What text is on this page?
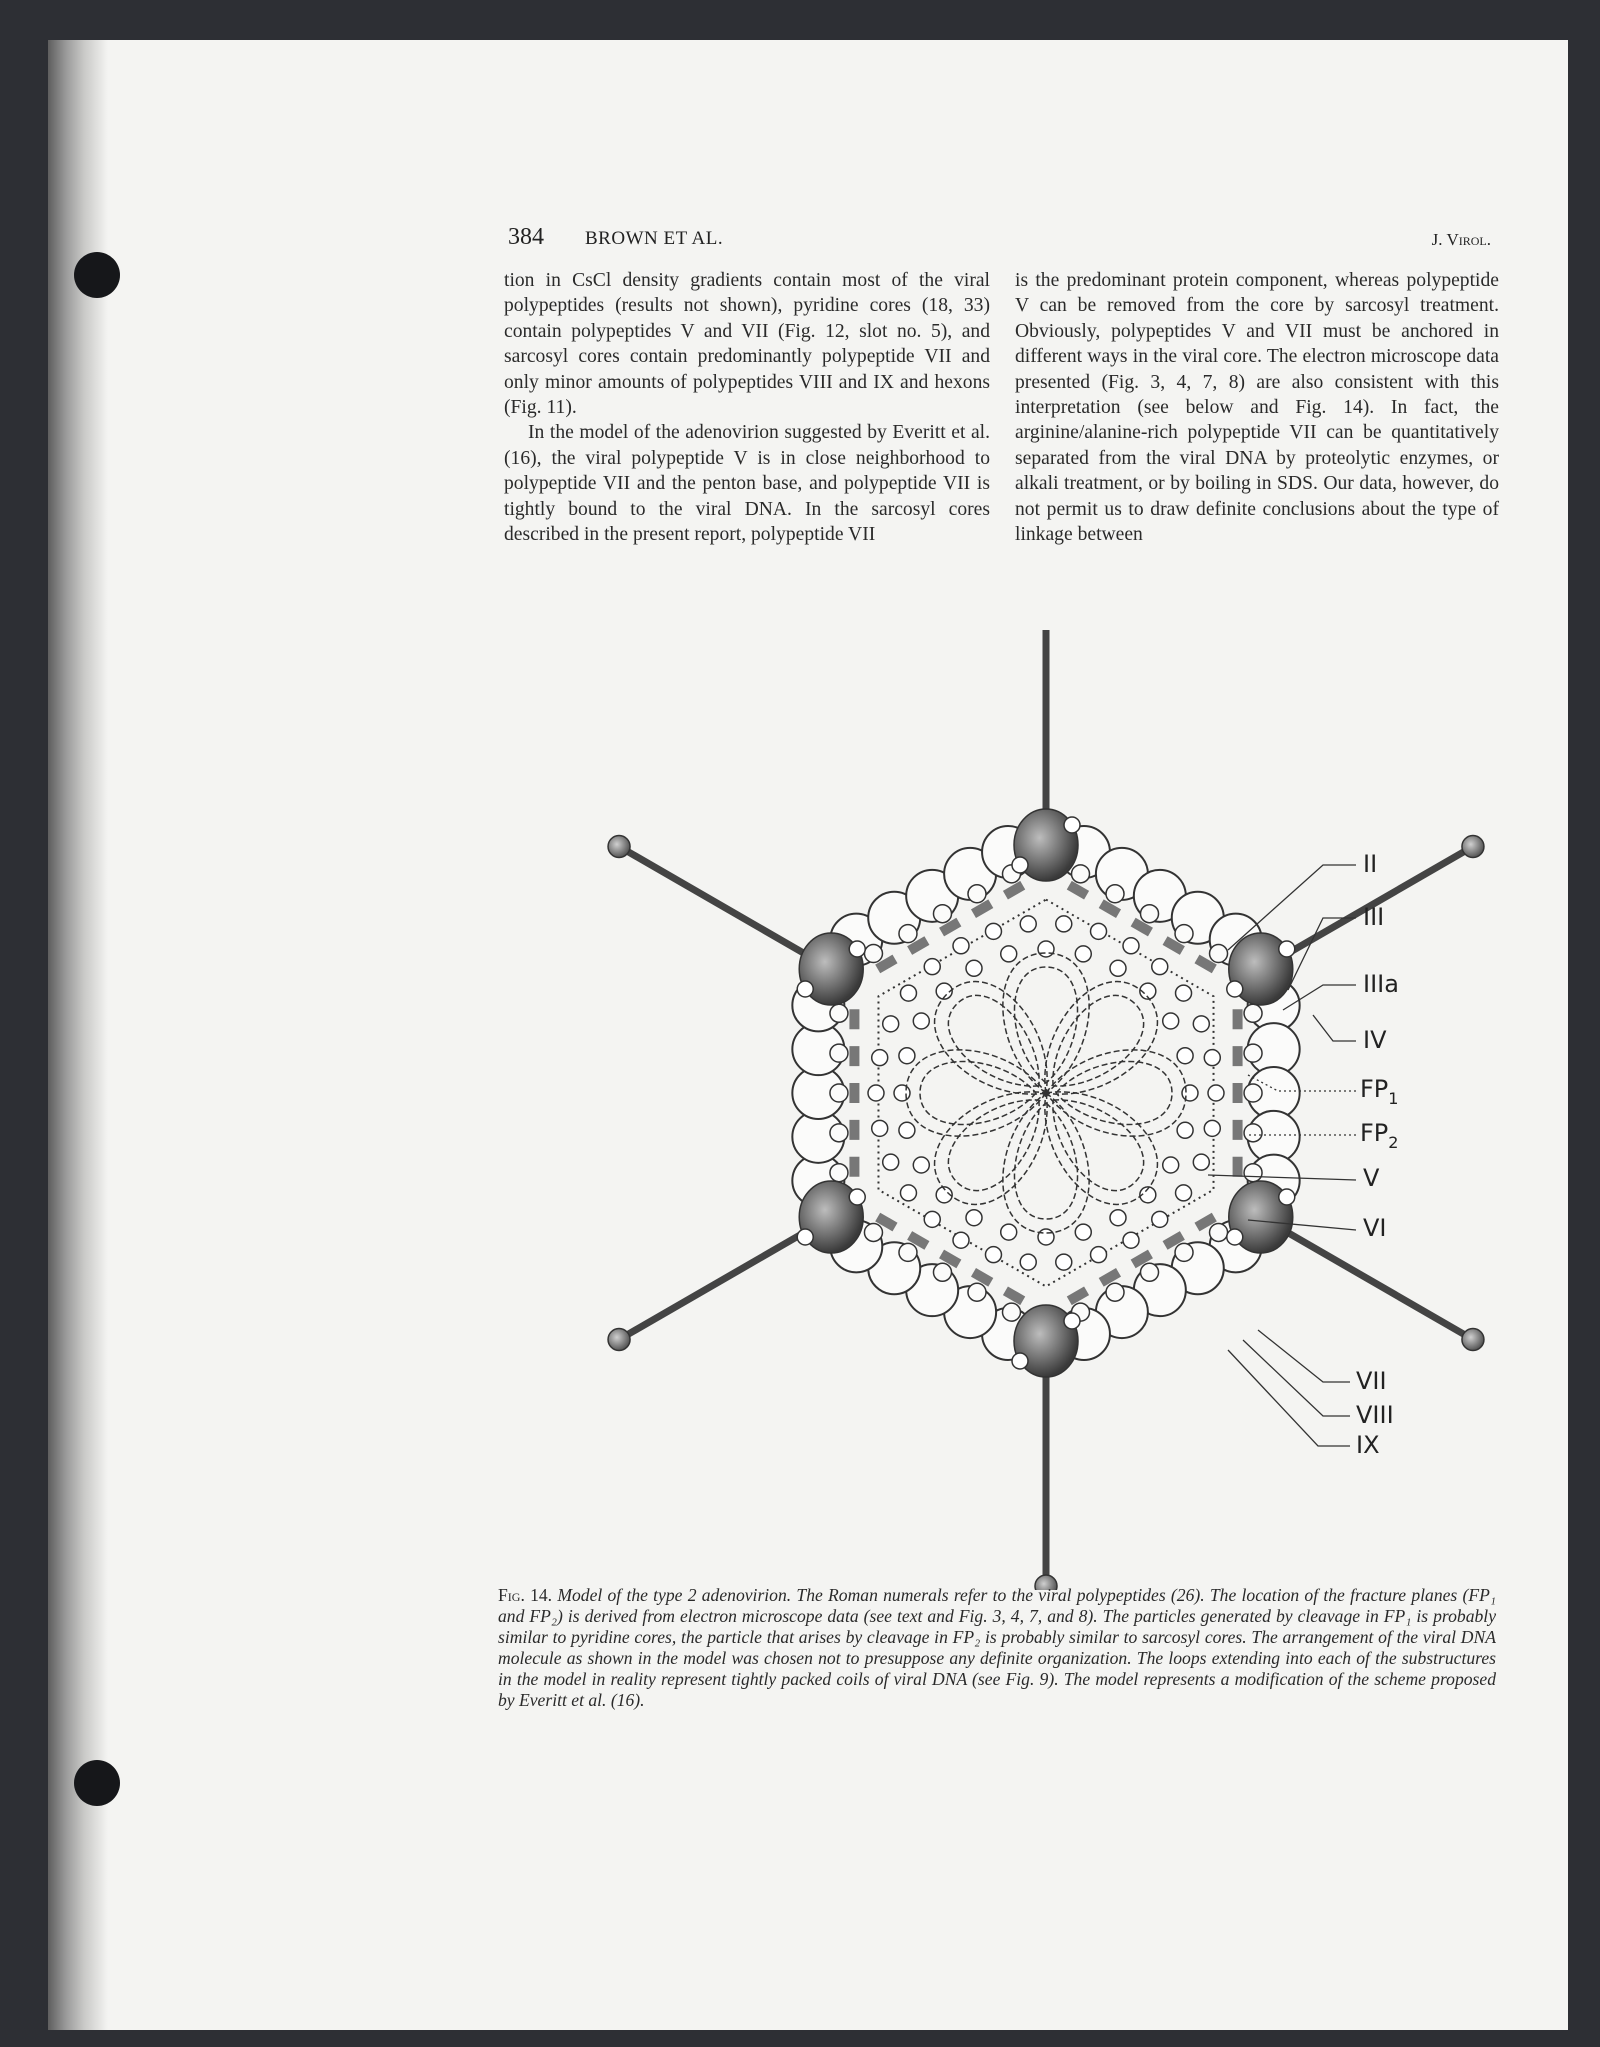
384 BROWN ET AL.	J. Virol.

tion in CsCl density gradients contain most of the viral polypeptides (results not shown), pyridine cores (18, 33) contain polypeptides V and VII (Fig. 12, slot no. 5), and sarcosyl cores contain predominantly polypeptide VII and only minor amounts of polypeptides VIII and IX and hexons (Fig. 11).

In the model of the adenovirion suggested by Everitt et al. (16), the viral polypeptide V is in close neighborhood to polypeptide VII and the penton base, and polypeptide VII is tightly bound to the viral DNA. In the sarcosyl cores described in the present report, polypeptide VII

is the predominant protein component, whereas polypeptide V can be removed from the core by sarcosyl treatment. Obviously, polypeptides V and VII must be anchored in different ways in the viral core. The electron microscope data presented (Fig. 3, 4, 7, 8) are also consistent with this interpretation (see below and Fig. 14). In fact, the arginine/alanine-rich polypeptide VII can be quantitatively separated from the viral DNA by proteolytic enzymes, or alkali treatment, or by boiling in SDS. Our data, however, do not permit us to draw definite conclusions about the type of linkage between

II
III
IIIa
IV
$FP_1$
$FP_2$
V
VI
VII
VIII
IX
Fig. 14. Model of the type 2 adenovirion. The Roman numerals refer to the viral polypeptides (26). The location of the fracture planes (FP₁ and FP₂) is derived from electron microscope data (see text and Fig. 3, 4, 7, and 8). The particles generated by cleavage in FP₁ is probably similar to pyridine cores, the particle that arises by cleavage in FP₂ is probably similar to sarcosyl cores. The arrangement of the viral DNA molecule as shown in the model was chosen not to presuppose any definite organization. The loops extending into each of the substructures in the model in reality represent tightly packed coils of viral DNA (see Fig. 9). The model represents a modification of the scheme proposed by Everitt et al. (16).
